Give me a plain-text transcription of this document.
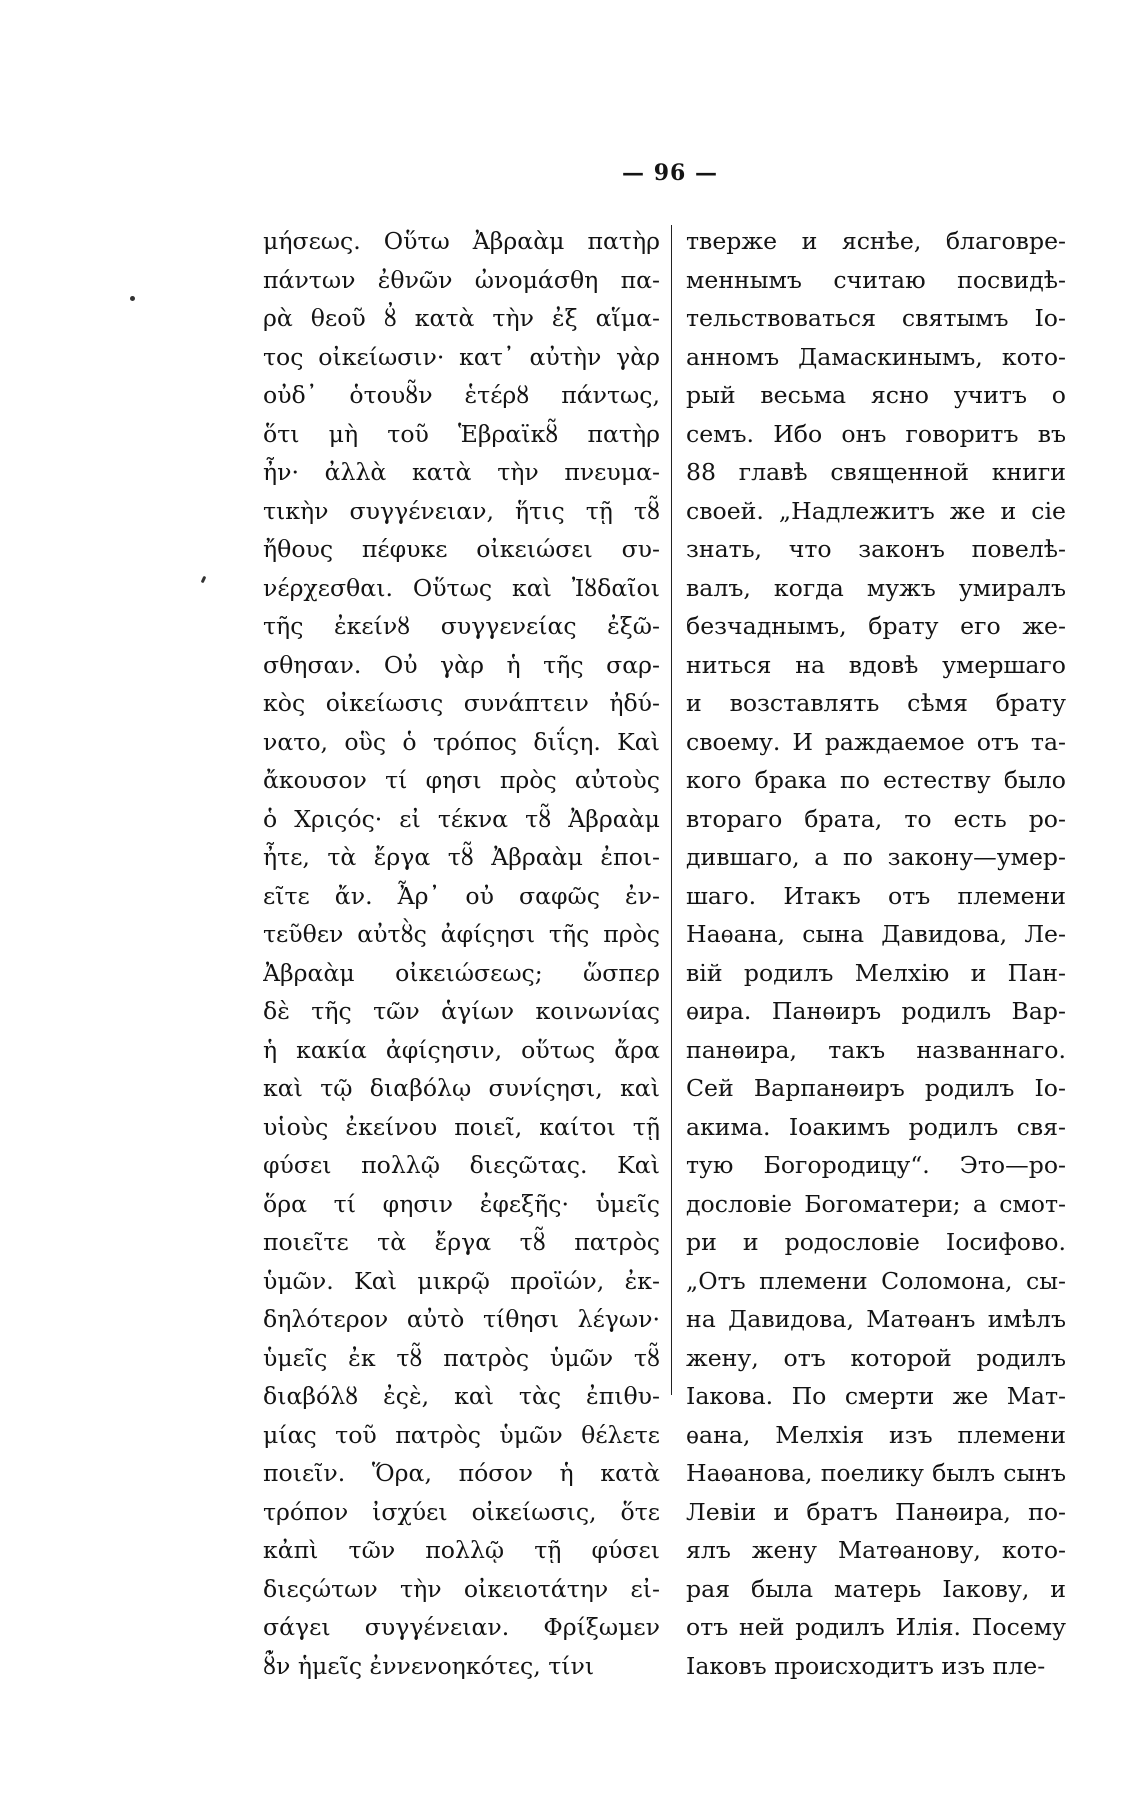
— 96 —
μήσεως. Οὕτω Ἀβραὰμ πατὴρ
πάντων ἐθνῶν ὠνομάσθη πα-
ρὰ θεοῦ ȣ̓ κατὰ τὴν ἐξ αἵμα-
τος οἰκείωσιν· κατ᾽ αὐτὴν γὰρ
οὐδ᾽ ὁτουȣ̃ν ἑτέρȣ πάντως,
ὅτι μὴ τοῦ Ἑβραϊκȣ̃ πατὴρ
ἦν· ἀλλὰ κατὰ τὴν πνευμα-
τικὴν συγγένειαν, ἥτις τῇ τȣ̃
ἤθους πέφυκε οἰκειώσει συ-
νέρχεσθαι. Οὕτως καὶ Ἰȣδαῖοι
τῆς ἐκείνȣ συγγενείας ἐξῶ-
σθησαν. Οὐ γὰρ ἡ τῆς σαρ-
κὸς οἰκείωσις συνάπτειν ἠδύ-
νατο, οὓς ὁ τρόπος διΐςη. Καὶ
ἄκουσον τί φησι πρὸς αὐτοὺς
ὁ Χριςός· εἰ τέκνα τȣ̃ Ἀβραὰμ
ἦτε, τὰ ἔργα τȣ̃ Ἀβραὰμ ἐποι-
εῖτε ἄν. Ἆρ᾽ οὐ σαφῶς ἐν-
τεῦθεν αὐτȣ̀ς ἀφίςησι τῆς πρὸς
Ἀβραὰμ οἰκειώσεως; ὥσπερ
δὲ τῆς τῶν ἁγίων κοινωνίας
ἡ κακία ἀφίςησιν, οὕτως ἄρα
καὶ τῷ διαβόλῳ συνίςησι, καὶ
υἱοὺς ἐκείνου ποιεῖ, καίτοι τῇ
φύσει πολλῷ διεςῶτας. Καὶ
ὅρα τί φησιν ἐφεξῆς· ὑμεῖς
ποιεῖτε τὰ ἔργα τȣ̃ πατρὸς
ὑμῶν. Καὶ μικρῷ προϊών, ἐκ-
δηλότερον αὐτὸ τίθησι λέγων·
ὑμεῖς ἐκ τȣ̃ πατρὸς ὑμῶν τȣ̃
διαβόλȣ ἐςὲ, καὶ τὰς ἐπιθυ-
μίας τοῦ πατρὸς ὑμῶν θέλετε
ποιεῖν. Ὅρα, πόσον ἡ κατὰ
τρόπον ἰσχύει οἰκείωσις, ὅτε
κἀπὶ τῶν πολλῷ τῇ φύσει
διεςώτων τὴν οἰκειοτάτην εἰ-
σάγει συγγένειαν. Φρίξωμεν
ȣ̓̃ν ἡμεῖς ἐννενοηκότες, τίνι
тверже и яснѣе, благовре-
меннымъ считаю посвидѣ-
тельствоваться святымъ Іо-
анномъ Дамаскинымъ, кото-
рый весьма ясно учитъ о
семъ. Ибо онъ говоритъ въ
88 главѣ священной книги
своей. „Надлежитъ же и сіе
знать, что законъ повелѣ-
валъ, когда мужъ умиралъ
безчаднымъ, брату его же-
ниться на вдовѣ умершаго
и возставлять сѣмя брату
своему. И раждаемое отъ та-
кого брака по естеству было
втораго брата, то есть ро-
дившаго, а по закону—умер-
шаго. Итакъ отъ племени
Наѳана, сына Давидова, Ле-
вій родилъ Мелхію и Пан-
ѳира. Панѳиръ родилъ Вар-
панѳира, такъ названнаго.
Сей Варпанѳиръ родилъ Іо-
акима. Іоакимъ родилъ свя-
тую Богородицу“. Это—ро-
дословіе Богоматери; а смот-
ри и родословіе Іосифово.
„Отъ племени Соломона, сы-
на Давидова, Матѳанъ имѣлъ
жену, отъ которой родилъ
Іакова. По смерти же Мат-
ѳана, Мелхія изъ племени
Наѳанова, поелику былъ сынъ
Левіи и братъ Панѳира, по-
ялъ жену Матѳанову, кото-
рая была матерь Іакову, и
отъ ней родилъ Илія. Посему
Іаковъ происходитъ изъ пле-
